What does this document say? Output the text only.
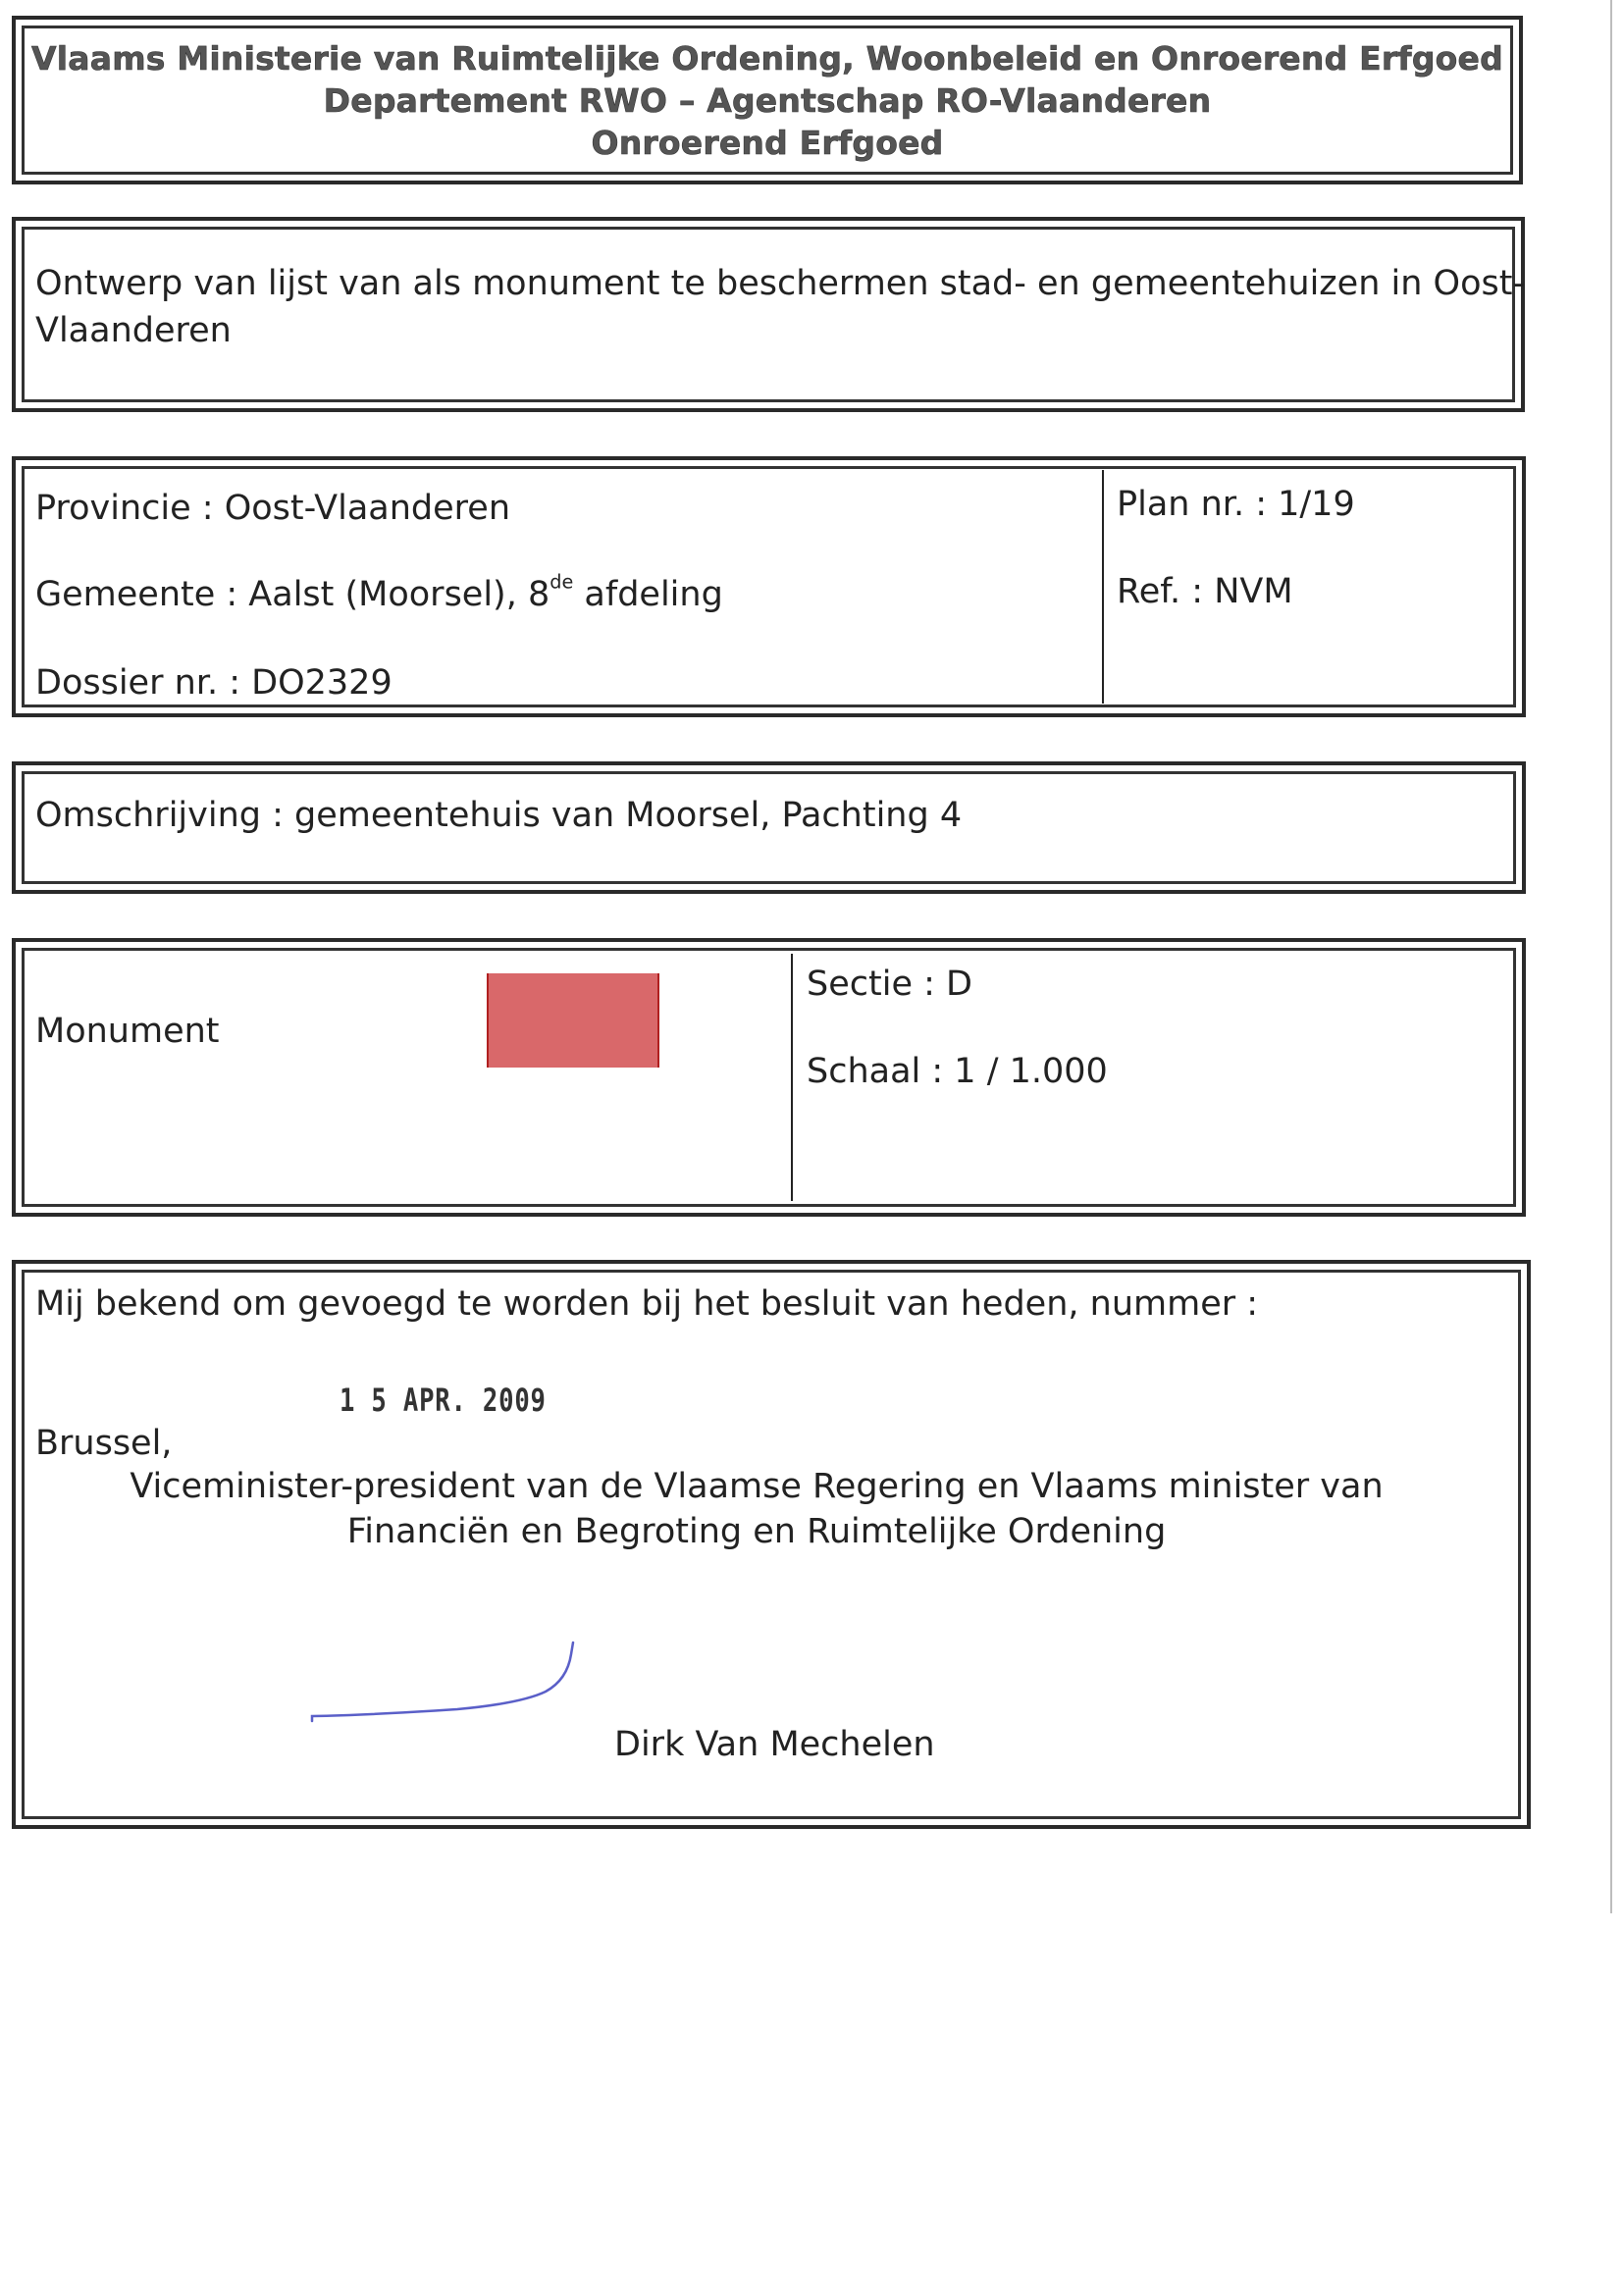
Vlaams Ministerie van Ruimtelijke Ordening, Woonbeleid en Onroerend Erfgoed
Departement RWO – Agentschap RO-Vlaanderen
Onroerend Erfgoed
Ontwerp van lijst van als monument te beschermen stad- en gemeentehuizen in Oost-
Vlaanderen
Provincie : Oost-Vlaanderen
Gemeente : Aalst (Moorsel), 8de afdeling
Dossier nr. : DO2329
Plan nr. : 1/19
Ref. : NVM
Omschrijving : gemeentehuis van Moorsel, Pachting 4
Monument
Sectie : D
Schaal : 1 / 1.000
Mij bekend om gevoegd te worden bij het besluit van heden, nummer :
1 5 APR. 2009
Brussel,
Viceminister-president van de Vlaamse Regering en Vlaams minister van
Financiën en Begroting en Ruimtelijke Ordening
Dirk Van Mechelen
